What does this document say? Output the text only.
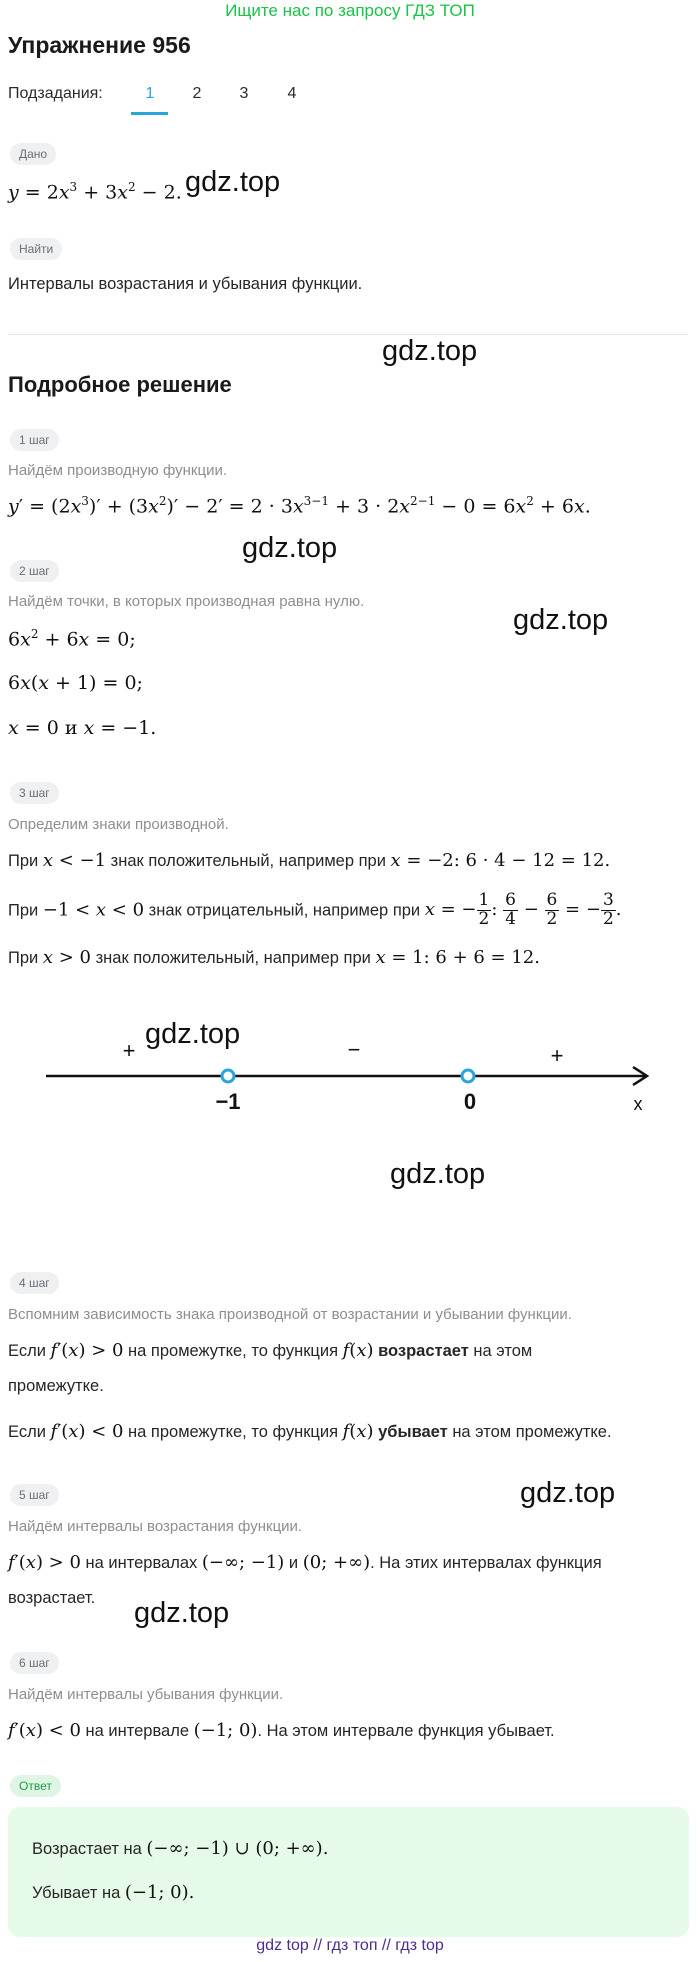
Ищите нас по запросу ГДЗ ТОП
Упражнение 956
Подзадания:	1	2	3	4
Дано
$y = 2x^3 + 3x^2 - 2$. gdz.top
Найти
Интервалы возрастания и убывания функции.
gdz.top
Подробное решение
1 шаг
Найдём производную функции.
$y' = (2x^3)' + (3x^2)' - 2' = 2 \cdot 3x^{3-1} + 3 \cdot 2x^{2-1} - 0 = 6x^2 + 6x$.
gdz.top
2 шаг
Найдём точки, в которых производная равна нулю.
gdz.top
$6x^2 + 6x = 0$;
6x(x + 1) = 0;
x = 0 и x = −1.
3 шаг
Определим знаки производной.
При x < −1 знак положительный, например при x = −2: 6 · 4 − 12 = 12.
При −1 < x < 0 знак отрицательный, например при x = − $\frac{1}{2}$ : $\frac{6}{4} - \frac{6}{2}$ = − $\frac{3}{2}$ .
При x > 0 знак положительный, например при x = 1: 6 + 6 = 12.
−1	0	x
+	−	+
gdz.top
gdz.top
4 шаг
Вспомним зависимость знака производной от возрастании и убывании функции.
Если f′(x) > 0 на промежутке, то функция f(x) возрастает на этом
промежутке.
Если f′(x) < 0 на промежутке, то функция f(x) убывает на этом промежутке.
5 шаг	gdz.top
Найдём интервалы возрастания функции.
f′(x) > 0 на интервалах (−∞; −1) и (0; +∞). На этих интервалах функция
возрастает. gdz.top
6 шаг
Найдём интервалы убывания функции.
f′(x) < 0 на интервале (−1; 0). На этом интервале функция убывает.
Ответ
Возрастает на (−∞; −1) ∪ (0; +∞).
Убывает на (−1; 0).
gdz top // гдз топ // гдз top
